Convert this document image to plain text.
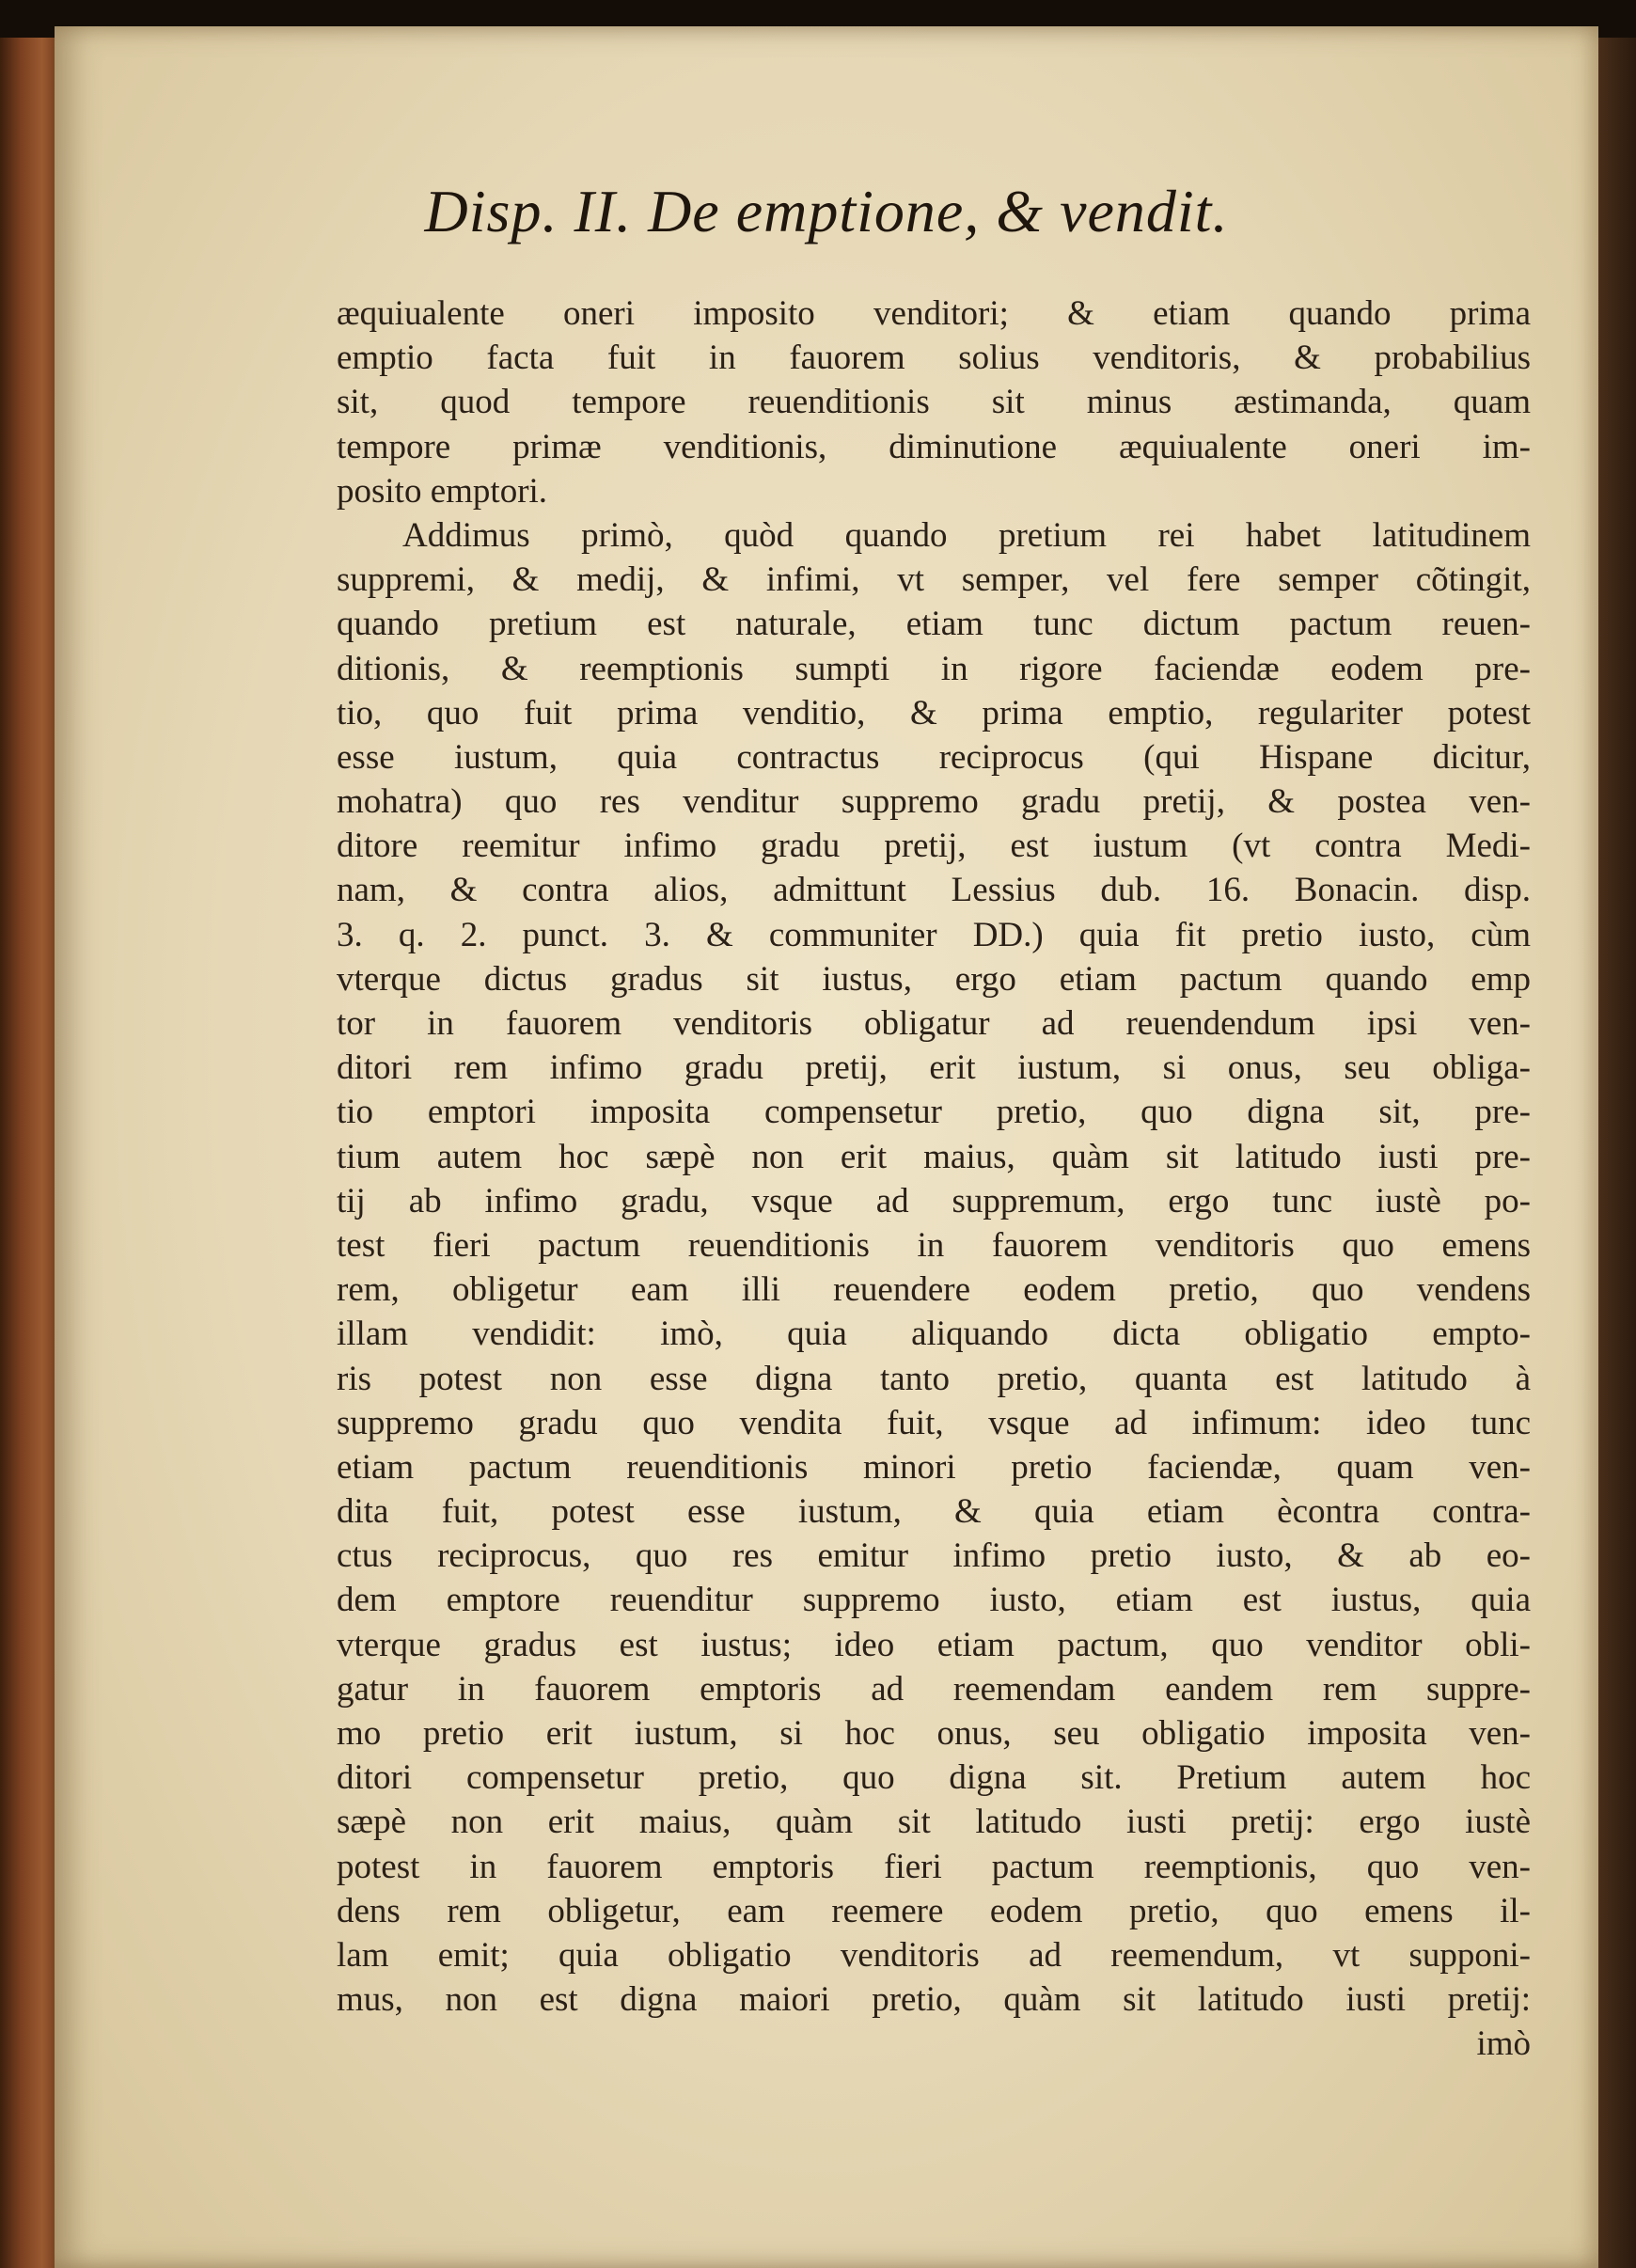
Disp. II. De emptione, & vendit.
æquiualente oneri imposito venditori; & etiam quando prima
emptio facta fuit in fauorem solius venditoris, & probabilius
sit, quod tempore reuenditionis sit minus æstimanda, quam
tempore primæ venditionis, diminutione æquiualente oneri im-
posito emptori.
Addimus primò, quòd quando pretium rei habet latitudinem
suppremi, & medij, & infimi, vt semper, vel fere semper cõtingit,
quando pretium est naturale, etiam tunc dictum pactum reuen-
ditionis, & reemptionis sumpti in rigore faciendæ eodem pre-
tio, quo fuit prima venditio, & prima emptio, regulariter potest
esse iustum, quia contractus reciprocus (qui Hispane dicitur,
mohatra) quo res venditur suppremo gradu pretij, & postea ven-
ditore reemitur infimo gradu pretij, est iustum (vt contra Medi-
nam, & contra alios, admittunt Lessius dub. 16. Bonacin. disp.
3. q. 2. punct. 3. & communiter DD.) quia fit pretio iusto, cùm
vterque dictus gradus sit iustus, ergo etiam pactum quando emp
tor in fauorem venditoris obligatur ad reuendendum ipsi ven-
ditori rem infimo gradu pretij, erit iustum, si onus, seu obliga-
tio emptori imposita compensetur pretio, quo digna sit, pre-
tium autem hoc sæpè non erit maius, quàm sit latitudo iusti pre-
tij ab infimo gradu, vsque ad suppremum, ergo tunc iustè po-
test fieri pactum reuenditionis in fauorem venditoris quo emens
rem, obligetur eam illi reuendere eodem pretio, quo vendens
illam vendidit: imò, quia aliquando dicta obligatio empto-
ris potest non esse digna tanto pretio, quanta est latitudo à
suppremo gradu quo vendita fuit, vsque ad infimum: ideo tunc
etiam pactum reuenditionis minori pretio faciendæ, quam ven-
dita fuit, potest esse iustum, & quia etiam ècontra contra-
ctus reciprocus, quo res emitur infimo pretio iusto, & ab eo-
dem emptore reuenditur suppremo iusto, etiam est iustus, quia
vterque gradus est iustus; ideo etiam pactum, quo venditor obli-
gatur in fauorem emptoris ad reemendam eandem rem suppre-
mo pretio erit iustum, si hoc onus, seu obligatio imposita ven-
ditori compensetur pretio, quo digna sit. Pretium autem hoc
sæpè non erit maius, quàm sit latitudo iusti pretij: ergo iustè
potest in fauorem emptoris fieri pactum reemptionis, quo ven-
dens rem obligetur, eam reemere eodem pretio, quo emens il-
lam emit; quia obligatio venditoris ad reemendum, vt supponi-
mus, non est digna maiori pretio, quàm sit latitudo iusti pretij:
imò
